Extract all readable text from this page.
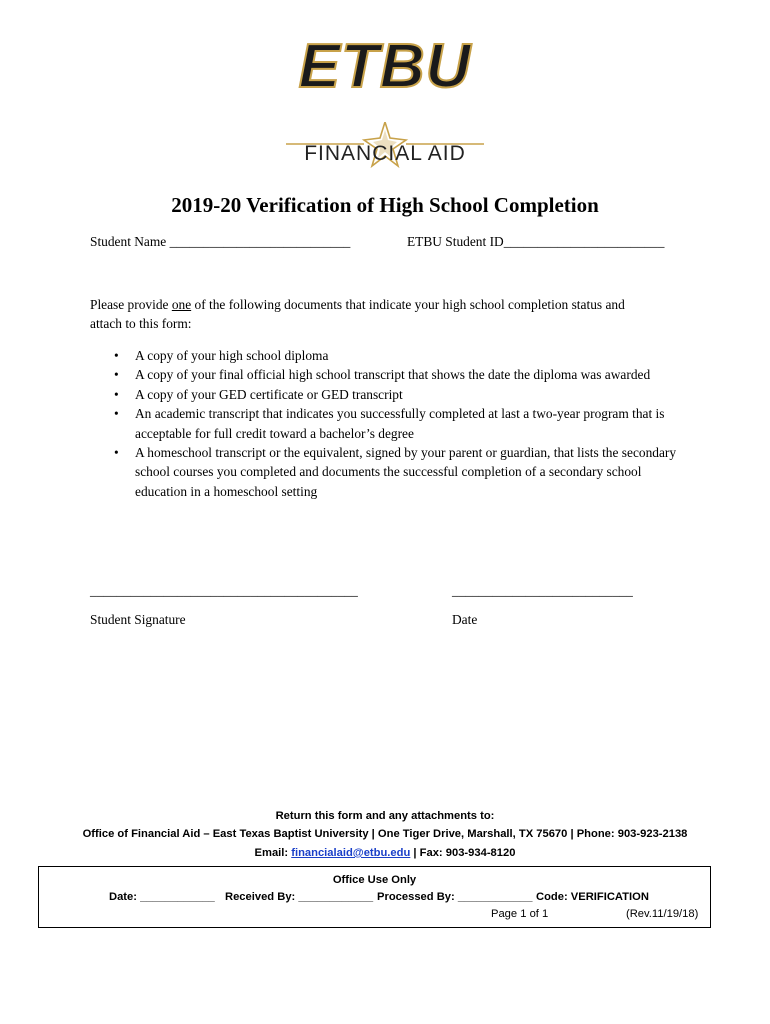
ETBU
FINANCIAL AID
2019-20 Verification of High School Completion
Student Name ___________________________	ETBU Student ID________________________
Please provide one of the following documents that indicate your high school completion status and
attach to this form:
• A copy of your high school diploma
• A copy of your final official high school transcript that shows the date the diploma was awarded
• A copy of your GED certificate or GED transcript
• An academic transcript that indicates you successfully completed at last a two-year program that is acceptable for full credit toward a bachelor’s degree
• A homeschool transcript or the equivalent, signed by your parent or guardian, that lists the secondary school courses you completed and documents the successful completion of a secondary school education in a homeschool setting
________________________________________	___________________________
Student Signature	Date
Return this form and any attachments to:
Office of Financial Aid – East Texas Baptist University | One Tiger Drive, Marshall, TX 75670 | Phone: 903-923-2138
Email: financialaid@etbu.edu | Fax: 903-934-8120
Office Use Only
Date: ____________ Received By: ____________ Processed By: ____________ Code: VERIFICATION
Page 1 of 1	(Rev.11/19/18)
